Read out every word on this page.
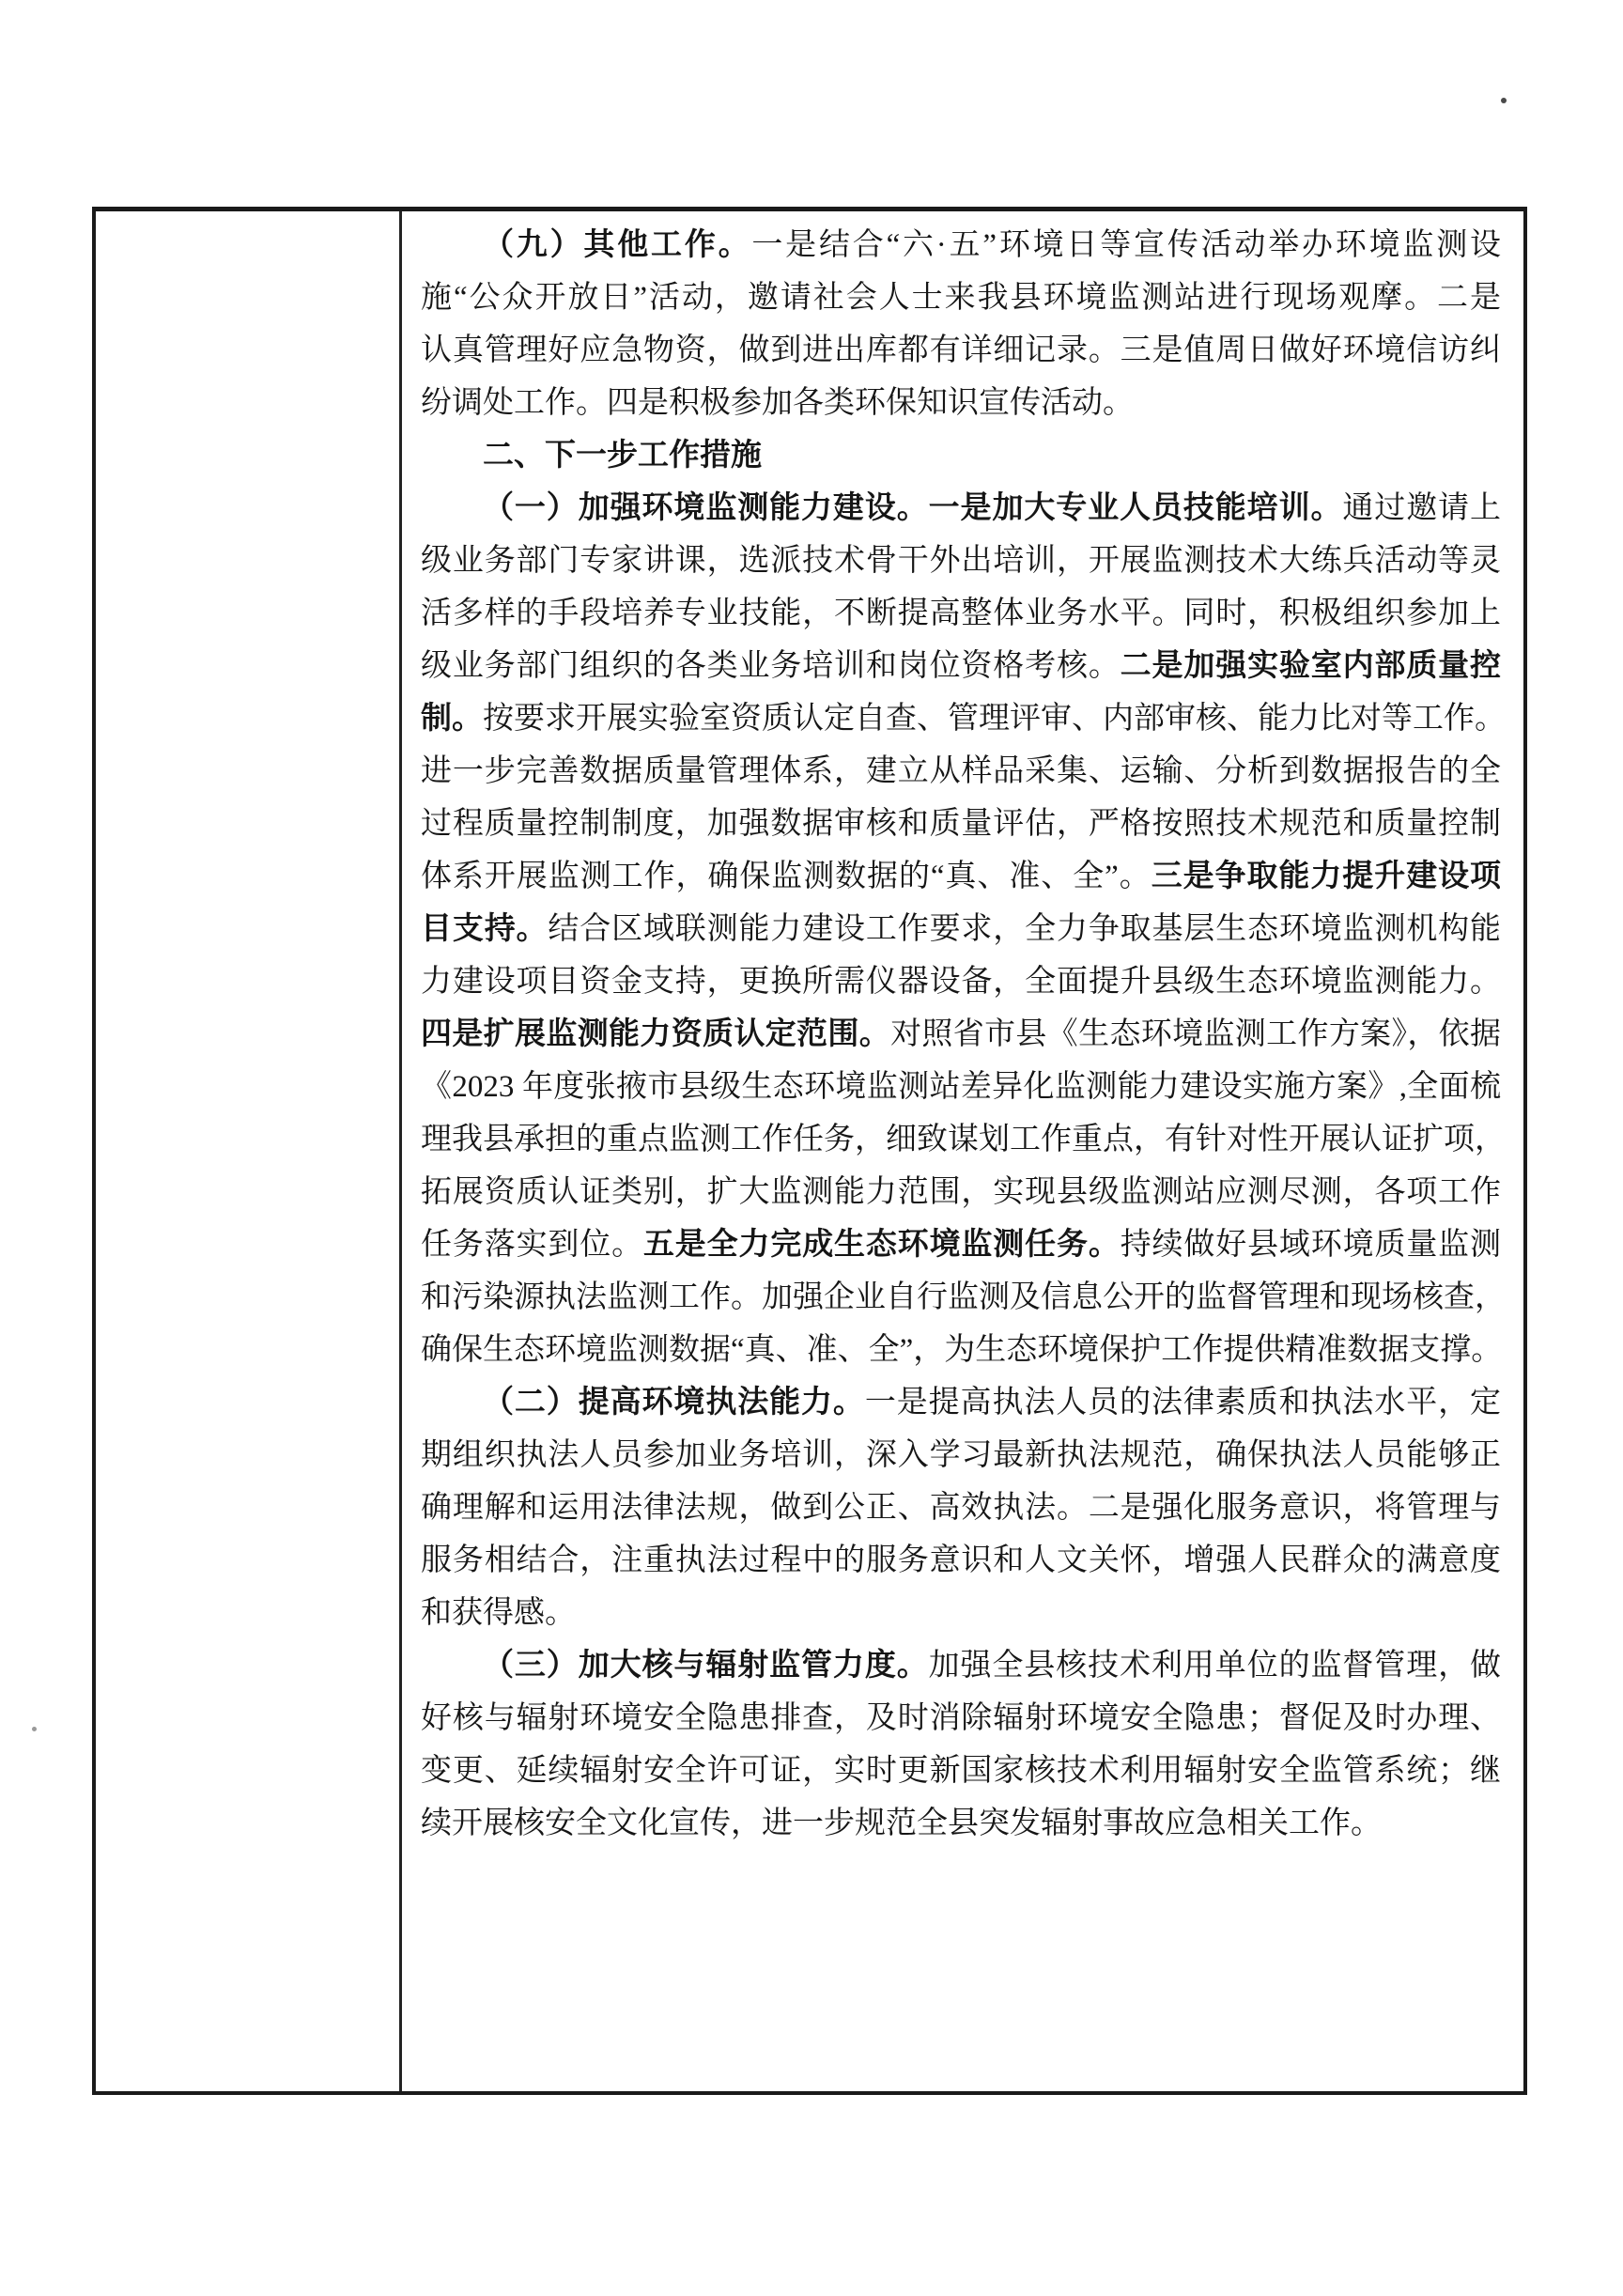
（九）其他工作。一是结合“六·五”环境日等宣传活动举办环境监测设
施“公众开放日”活动，邀请社会人士来我县环境监测站进行现场观摩。二是
认真管理好应急物资，做到进出库都有详细记录。三是值周日做好环境信访纠
纷调处工作。四是积极参加各类环保知识宣传活动。
二、下一步工作措施
（一）加强环境监测能力建设。一是加大专业人员技能培训。通过邀请上
级业务部门专家讲课，选派技术骨干外出培训，开展监测技术大练兵活动等灵
活多样的手段培养专业技能，不断提高整体业务水平。同时，积极组织参加上
级业务部门组织的各类业务培训和岗位资格考核。二是加强实验室内部质量控
制。按要求开展实验室资质认定自查、管理评审、内部审核、能力比对等工作。
进一步完善数据质量管理体系，建立从样品采集、运输、分析到数据报告的全
过程质量控制制度，加强数据审核和质量评估，严格按照技术规范和质量控制
体系开展监测工作，确保监测数据的“真、准、全”。三是争取能力提升建设项
目支持。结合区域联测能力建设工作要求，全力争取基层生态环境监测机构能
力建设项目资金支持，更换所需仪器设备，全面提升县级生态环境监测能力。
四是扩展监测能力资质认定范围。对照省市县《生态环境监测工作方案》，依据
《2023 年度张掖市县级生态环境监测站差异化监测能力建设实施方案》,全面梳
理我县承担的重点监测工作任务，细致谋划工作重点，有针对性开展认证扩项，
拓展资质认证类别，扩大监测能力范围，实现县级监测站应测尽测，各项工作
任务落实到位。五是全力完成生态环境监测任务。持续做好县域环境质量监测
和污染源执法监测工作。加强企业自行监测及信息公开的监督管理和现场核查，
确保生态环境监测数据“真、准、全”，为生态环境保护工作提供精准数据支撑。
（二）提高环境执法能力。一是提高执法人员的法律素质和执法水平，定
期组织执法人员参加业务培训，深入学习最新执法规范，确保执法人员能够正
确理解和运用法律法规，做到公正、高效执法。二是强化服务意识，将管理与
服务相结合，注重执法过程中的服务意识和人文关怀，增强人民群众的满意度
和获得感。
（三）加大核与辐射监管力度。加强全县核技术利用单位的监督管理，做
好核与辐射环境安全隐患排查，及时消除辐射环境安全隐患；督促及时办理、
变更、延续辐射安全许可证，实时更新国家核技术利用辐射安全监管系统；继
续开展核安全文化宣传，进一步规范全县突发辐射事故应急相关工作。
